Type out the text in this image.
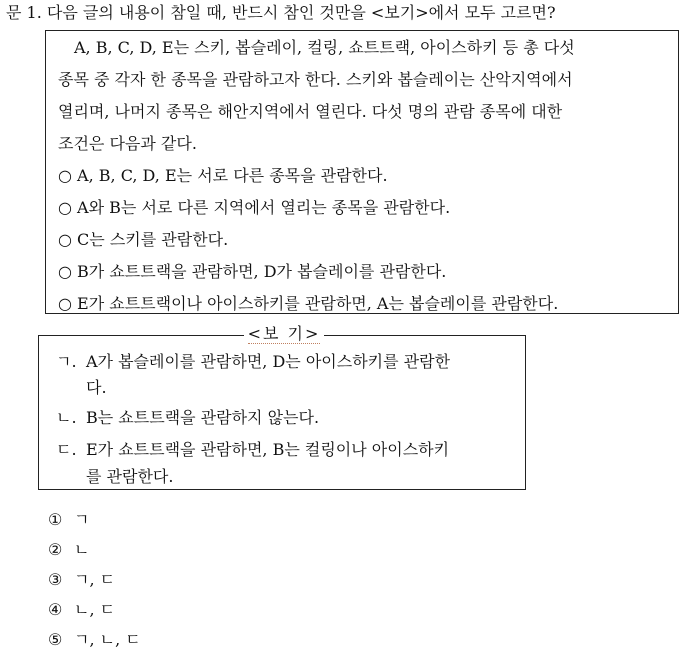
문 1. 다음 글의 내용이 참일 때, 반드시 참인 것만을 <보기>에서 모두 고르면?
A, B, C, D, E는 스키, 봅슬레이, 컬링, 쇼트트랙, 아이스하키 등 총 다섯
종목 중 각자 한 종목을 관람하고자 한다. 스키와 봅슬레이는 산악지역에서
열리며, 나머지 종목은 해안지역에서 열린다. 다섯 명의 관람 종목에 대한
조건은 다음과 같다.
○ A, B, C, D, E는 서로 다른 종목을 관람한다.
○ A와 B는 서로 다른 지역에서 열리는 종목을 관람한다.
○ C는 스키를 관람한다.
○ B가 쇼트트랙을 관람하면, D가 봅슬레이를 관람한다.
○ E가 쇼트트랙이나 아이스하키를 관람하면, A는 봅슬레이를 관람한다.
<보 기>
ㄱ. A가 봅슬레이를 관람하면, D는 아이스하키를 관람한
다.
ㄴ. B는 쇼트트랙을 관람하지 않는다.
ㄷ. E가 쇼트트랙을 관람하면, B는 컬링이나 아이스하키
를 관람한다.
① ㄱ
② ㄴ
③ ㄱ, ㄷ
④ ㄴ, ㄷ
⑤ ㄱ, ㄴ, ㄷ
